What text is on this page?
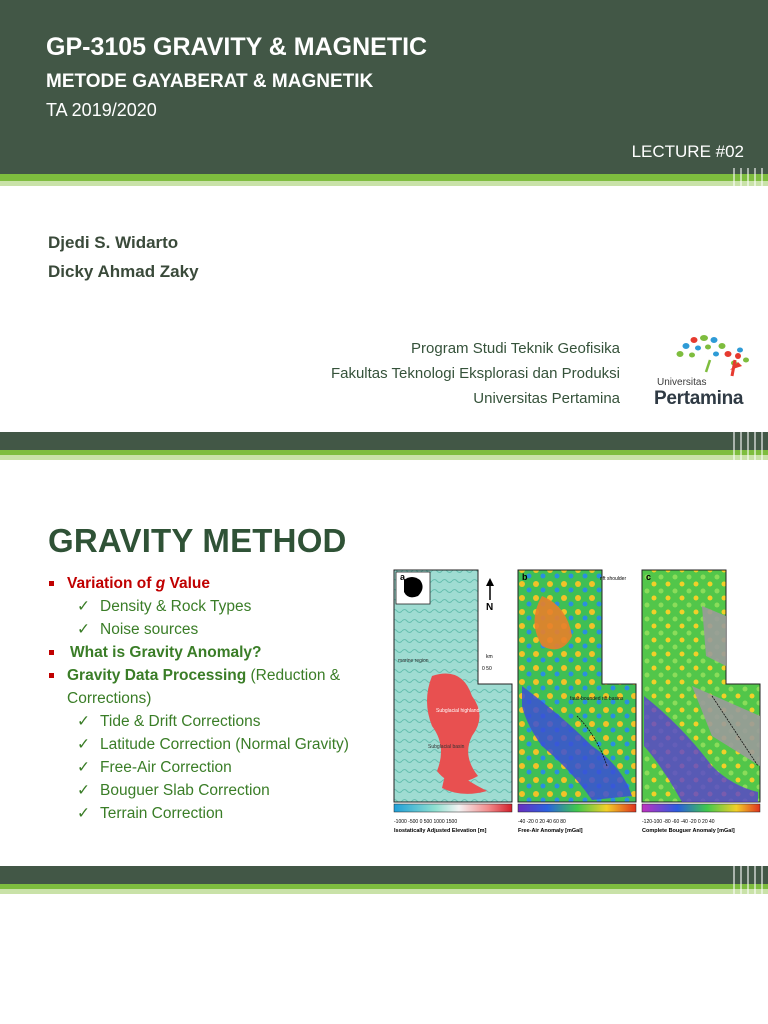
GP-3105 GRAVITY & MAGNETIC
METODE GAYABERAT & MAGNETIK
TA 2019/2020
LECTURE #02
Djedi S. Widarto
Dicky Ahmad Zaky
Program Studi Teknik Geofisika
Fakultas Teknologi Eksplorasi dan Produksi
Universitas Pertamina
Universitas
Pertamina
GRAVITY METHOD
Variation of g Value
✓ Density & Rock Types
✓ Noise sources
What is Gravity Anomaly?
Gravity Data Processing (Reduction &
Corrections)
✓ Tide & Drift Corrections
✓ Latitude Correction (Normal Gravity)
✓ Free-Air Correction
✓ Bouguer Slab Correction
✓ Terrain Correction
a
N
km
0 50
marine region
Subglacial highland
Subglacial basin
-1000 -500 0 500 1000 1500
Isostatically Adjusted Elevation [m]
b
fault-bounded rift basins
-40 -20 0 20 40 60 80
Free-Air Anomaly [mGal]
c
rift shoulder
-120-100 -80 -60 -40 -20 0 20 40
Complete Bouguer Anomaly [mGal]
